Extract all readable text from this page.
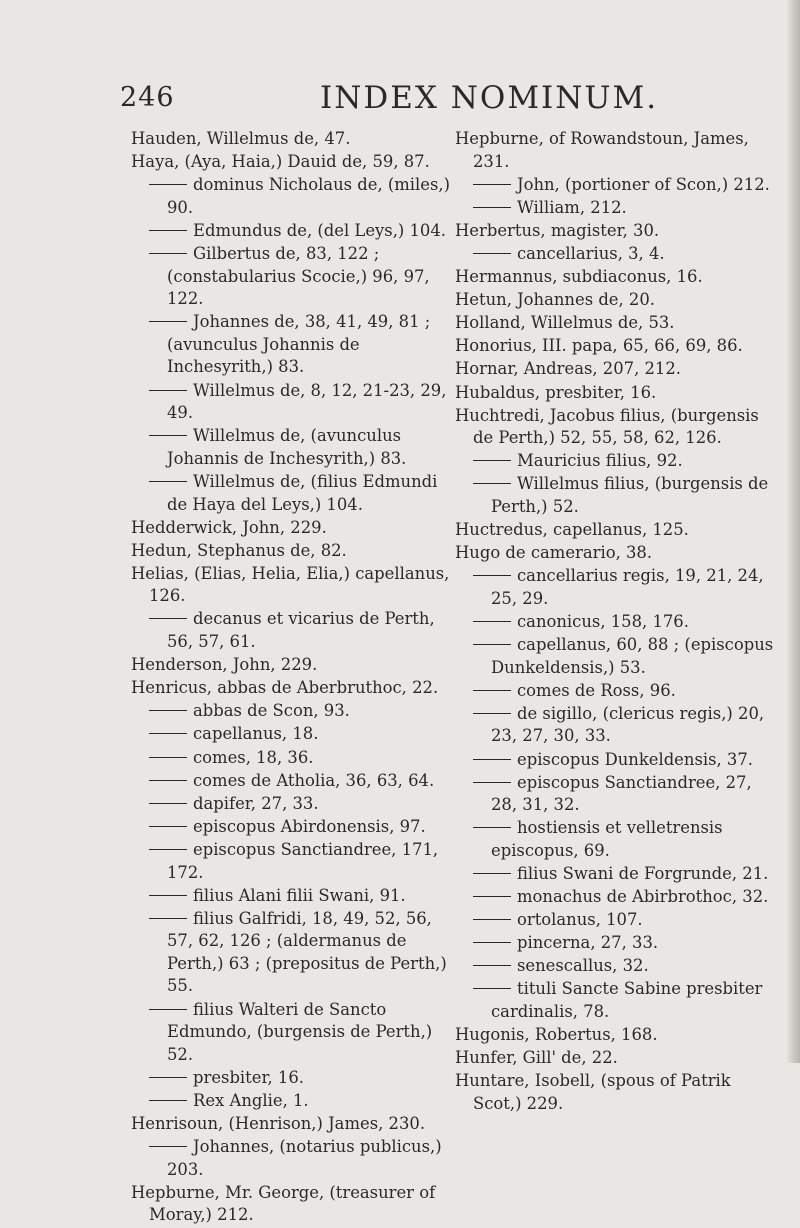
246	INDEX NOMINUM.
Hauden, Willelmus de, 47.
Haya, (Aya, Haia,) Dauid de, 59, 87.
dominus Nicholaus de, (miles,) 90.
Edmundus de, (del Leys,) 104.
Gilbertus de, 83, 122 ; (constabularius Scocie,) 96, 97, 122.
Johannes de, 38, 41, 49, 81 ; (avunculus Johannis de Inchesyrith,) 83.
Willelmus de, 8, 12, 21-23, 29, 49.
Willelmus de, (avunculus Johannis de Inchesyrith,) 83.
Willelmus de, (filius Edmundi de Haya del Leys,) 104.
Hedderwick, John, 229.
Hedun, Stephanus de, 82.
Helias, (Elias, Helia, Elia,) capellanus, 126.
decanus et vicarius de Perth, 56, 57, 61.
Henderson, John, 229.
Henricus, abbas de Aberbruthoc, 22.
abbas de Scon, 93.
capellanus, 18.
comes, 18, 36.
comes de Atholia, 36, 63, 64.
dapifer, 27, 33.
episcopus Abirdonensis, 97.
episcopus Sanctiandree, 171, 172.
filius Alani filii Swani, 91.
filius Galfridi, 18, 49, 52, 56, 57, 62, 126 ; (aldermanus de Perth,) 63 ; (prepositus de Perth,) 55.
filius Walteri de Sancto Edmundo, (burgensis de Perth,) 52.
presbiter, 16.
Rex Anglie, 1.
Henrisoun, (Henrison,) James, 230.
Johannes, (notarius publicus,) 203.
Hepburne, Mr. George, (treasurer of Moray,) 212.
Hepburne, of Rowandstoun, James, 231.
John, (portioner of Scon,) 212.
William, 212.
Herbertus, magister, 30.
cancellarius, 3, 4.
Hermannus, subdiaconus, 16.
Hetun, Johannes de, 20.
Holland, Willelmus de, 53.
Honorius, III. papa, 65, 66, 69, 86.
Hornar, Andreas, 207, 212.
Hubaldus, presbiter, 16.
Huchtredi, Jacobus filius, (burgensis de Perth,) 52, 55, 58, 62, 126.
Mauricius filius, 92.
Willelmus filius, (burgensis de Perth,) 52.
Huctredus, capellanus, 125.
Hugo de camerario, 38.
cancellarius regis, 19, 21, 24, 25, 29.
canonicus, 158, 176.
capellanus, 60, 88 ; (episcopus Dunkeldensis,) 53.
comes de Ross, 96.
de sigillo, (clericus regis,) 20, 23, 27, 30, 33.
episcopus Dunkeldensis, 37.
episcopus Sanctiandree, 27, 28, 31, 32.
hostiensis et velletrensis episcopus, 69.
filius Swani de Forgrunde, 21.
monachus de Abirbrothoc, 32.
ortolanus, 107.
pincerna, 27, 33.
senescallus, 32.
tituli Sancte Sabine presbiter cardinalis, 78.
Hugonis, Robertus, 168.
Hunfer, Gill' de, 22.
Huntare, Isobell, (spous of Patrik Scot,) 229.
